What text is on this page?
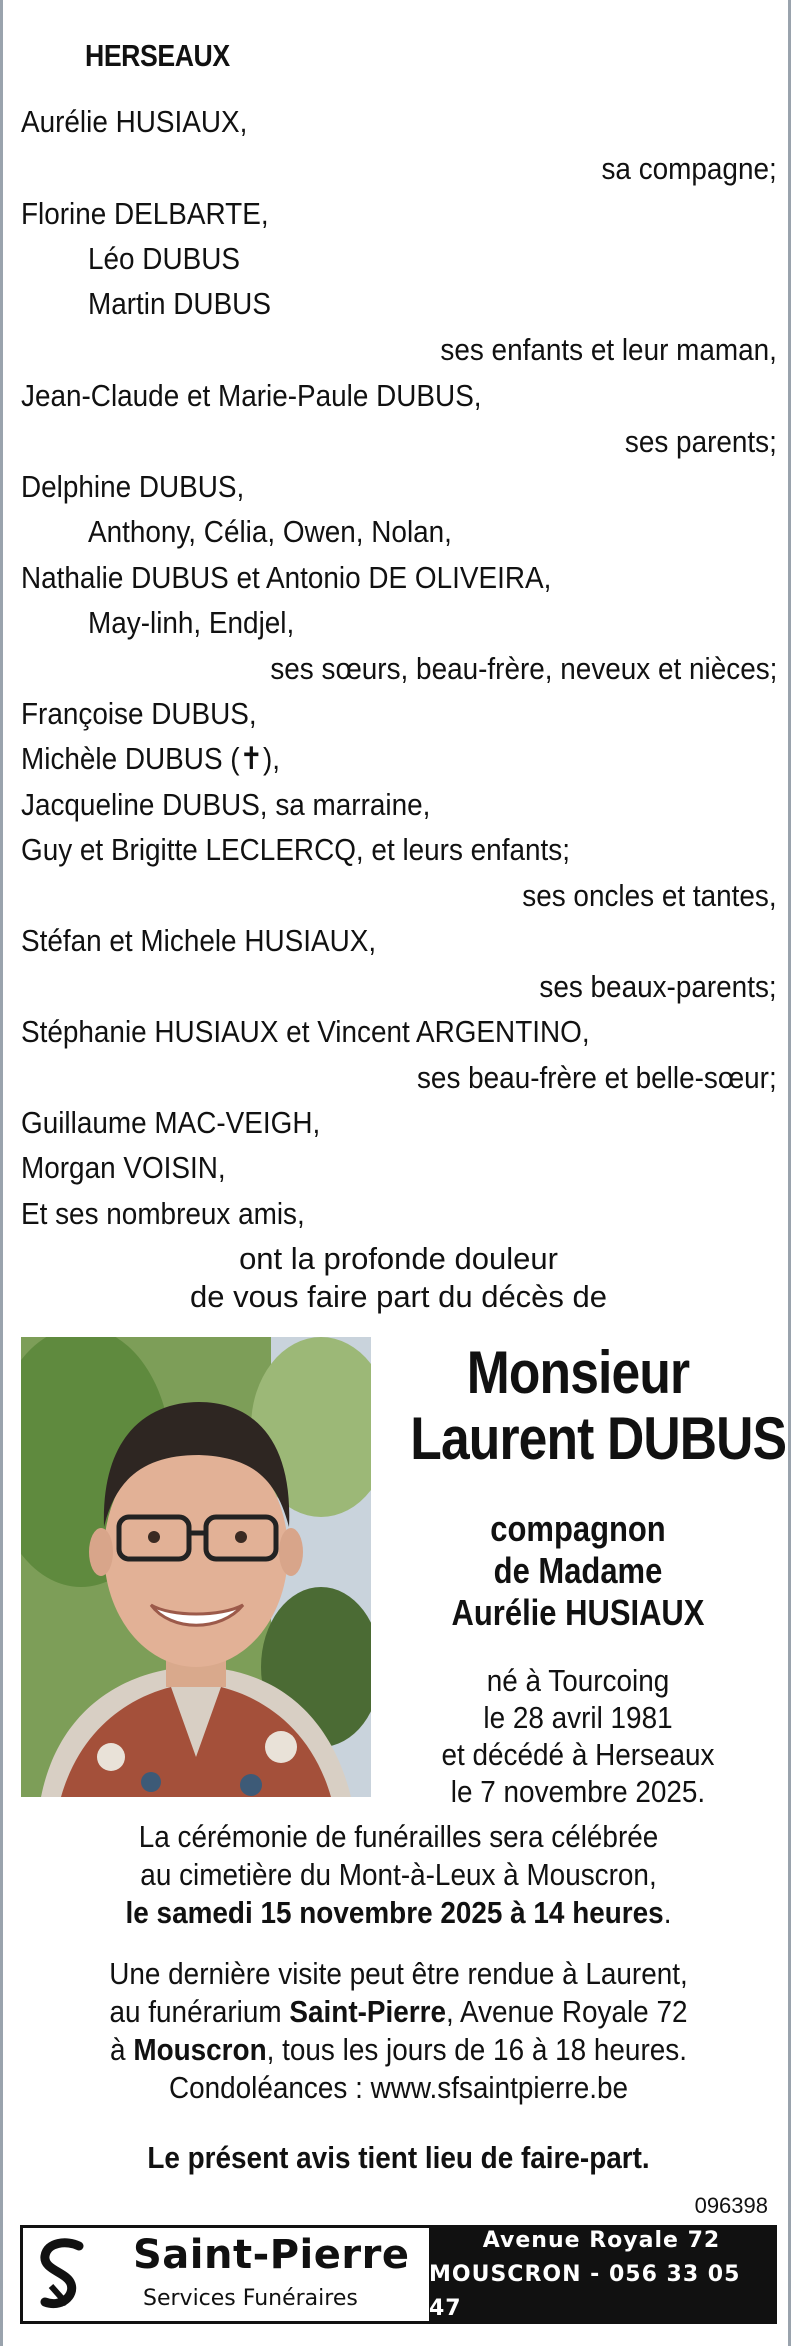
HERSEAUX
Aurélie HUSIAUX,
sa compagne;
Florine DELBARTE,
Léo DUBUS
Martin DUBUS
ses enfants et leur maman,
Jean-Claude et Marie-Paule DUBUS,
ses parents;
Delphine DUBUS,
Anthony, Célia, Owen, Nolan,
Nathalie DUBUS et Antonio DE OLIVEIRA,
May-linh, Endjel,
ses sœurs, beau-frère, neveux et nièces;
Françoise DUBUS,
Michèle DUBUS (✝),
Jacqueline DUBUS, sa marraine,
Guy et Brigitte LECLERCQ, et leurs enfants;
ses oncles et tantes,
Stéfan et Michele HUSIAUX,
ses beaux-parents;
Stéphanie HUSIAUX et Vincent ARGENTINO,
ses beau-frère et belle-sœur;
Guillaume MAC-VEIGH,
Morgan VOISIN,
Et ses nombreux amis,
ont la profonde douleur
de vous faire part du décès de
Monsieur
Laurent DUBUS
compagnon
de Madame
Aurélie HUSIAUX
né à Tourcoing
le 28 avril 1981
et décédé à Herseaux
le 7 novembre 2025.
La cérémonie de funérailles sera célébrée
au cimetière du Mont-à-Leux à Mouscron,
le samedi 15 novembre 2025 à 14 heures.
Une dernière visite peut être rendue à Laurent,
au funérarium Saint-Pierre, Avenue Royale 72
à Mouscron, tous les jours de 16 à 18 heures.
Condoléances : www.sfsaintpierre.be
Le présent avis tient lieu de faire-part.
096398
Saint-Pierre
Services Funéraires
Avenue Royale 72
MOUSCRON - 056 33 05 47
